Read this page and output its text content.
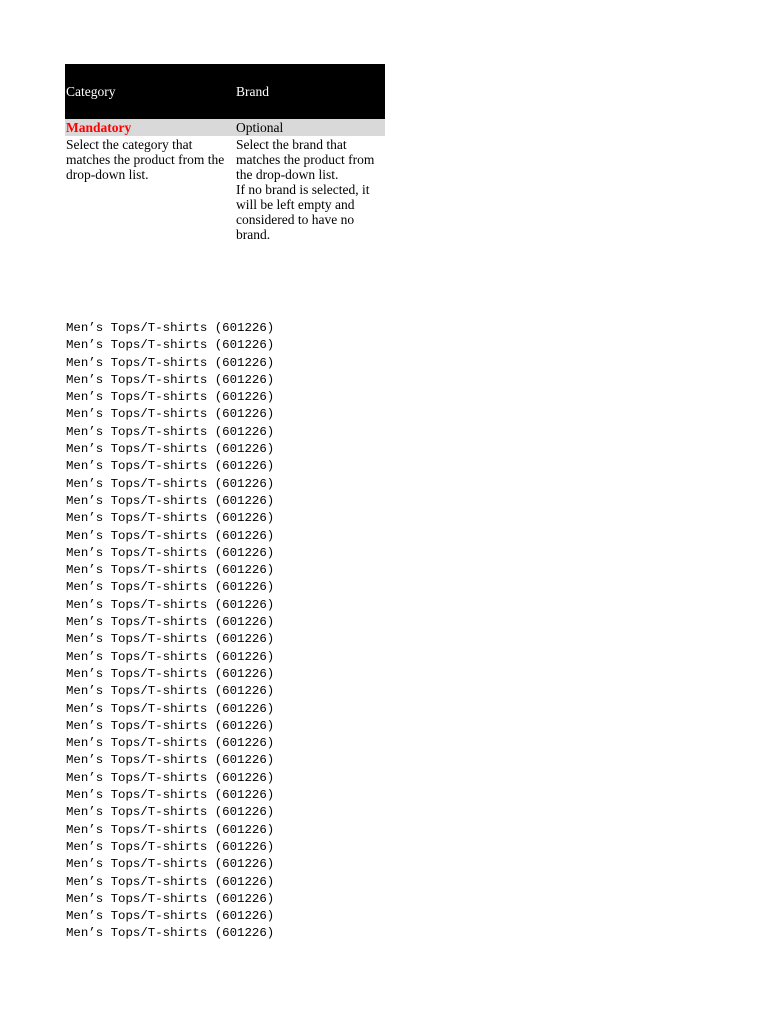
Category	Brand
Mandatory	Optional
Select the category that
matches the product from the
drop-down list.
Select the brand that
matches the product from
the drop-down list.
If no brand is selected, it
will be left empty and
considered to have no
brand.
Men’s Tops/T-shirts (601226)
Men’s Tops/T-shirts (601226)
Men’s Tops/T-shirts (601226)
Men’s Tops/T-shirts (601226)
Men’s Tops/T-shirts (601226)
Men’s Tops/T-shirts (601226)
Men’s Tops/T-shirts (601226)
Men’s Tops/T-shirts (601226)
Men’s Tops/T-shirts (601226)
Men’s Tops/T-shirts (601226)
Men’s Tops/T-shirts (601226)
Men’s Tops/T-shirts (601226)
Men’s Tops/T-shirts (601226)
Men’s Tops/T-shirts (601226)
Men’s Tops/T-shirts (601226)
Men’s Tops/T-shirts (601226)
Men’s Tops/T-shirts (601226)
Men’s Tops/T-shirts (601226)
Men’s Tops/T-shirts (601226)
Men’s Tops/T-shirts (601226)
Men’s Tops/T-shirts (601226)
Men’s Tops/T-shirts (601226)
Men’s Tops/T-shirts (601226)
Men’s Tops/T-shirts (601226)
Men’s Tops/T-shirts (601226)
Men’s Tops/T-shirts (601226)
Men’s Tops/T-shirts (601226)
Men’s Tops/T-shirts (601226)
Men’s Tops/T-shirts (601226)
Men’s Tops/T-shirts (601226)
Men’s Tops/T-shirts (601226)
Men’s Tops/T-shirts (601226)
Men’s Tops/T-shirts (601226)
Men’s Tops/T-shirts (601226)
Men’s Tops/T-shirts (601226)
Men’s Tops/T-shirts (601226)
